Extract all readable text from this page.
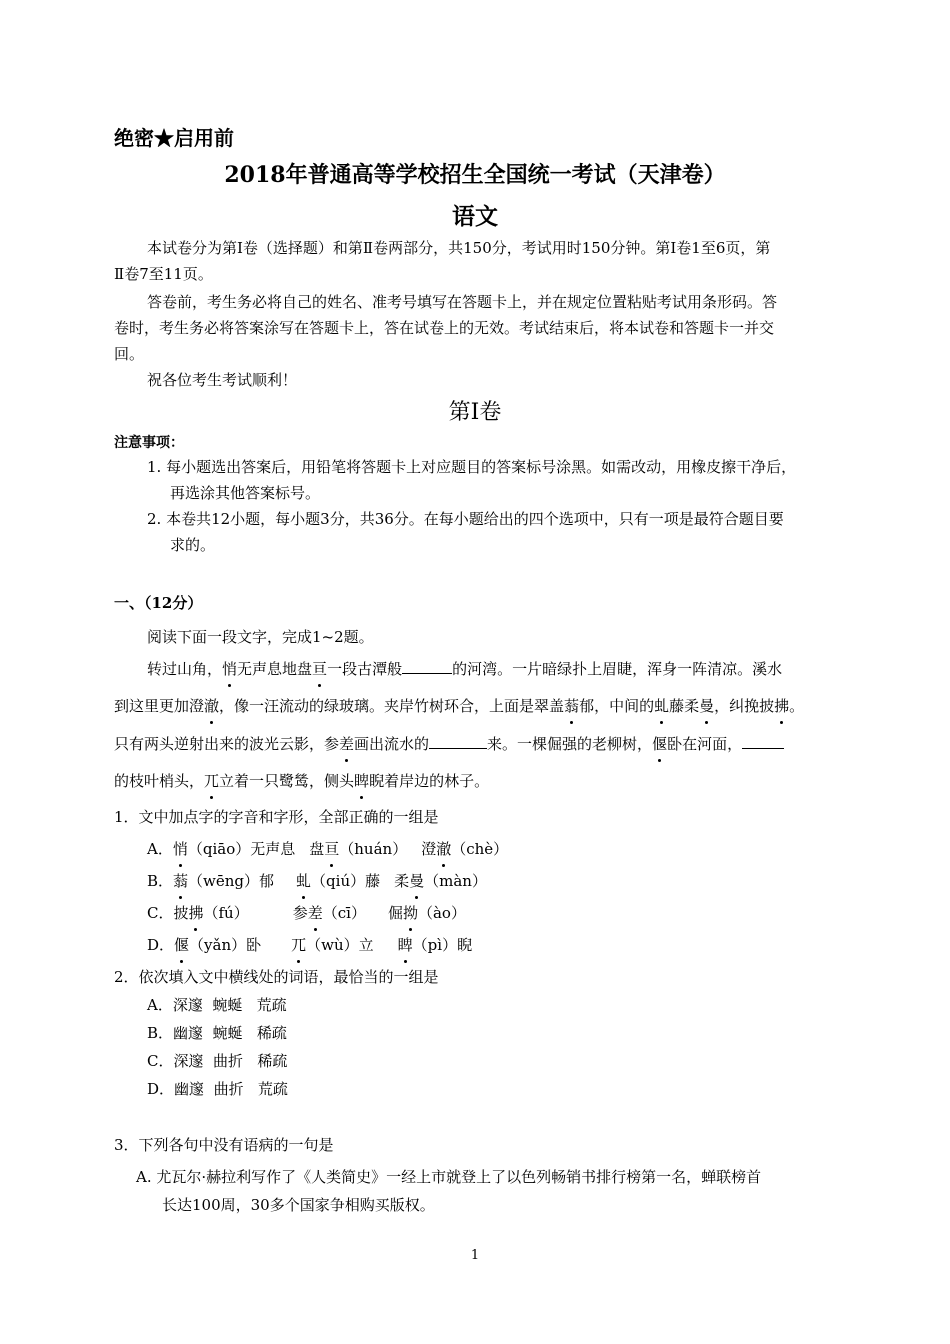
绝密★启用前
2018年普通高等学校招生全国统一考试（天津卷）
语文
本试卷分为第Ⅰ卷（选择题）和第Ⅱ卷两部分，共150分，考试用时150分钟。第Ⅰ卷1至6页，第
Ⅱ卷7至11页。
答卷前，考生务必将自己的姓名、准考号填写在答题卡上，并在规定位置粘贴考试用条形码。答
卷时，考生务必将答案涂写在答题卡上，答在试卷上的无效。考试结束后，将本试卷和答题卡一并交
回。
祝各位考生考试顺利！
第Ⅰ卷
注意事项：
1. 每小题选出答案后，用铅笔将答题卡上对应题目的答案标号涂黑。如需改动，用橡皮擦干净后，
再选涂其他答案标号。
2. 本卷共12小题，每小题3分，共36分。在每小题给出的四个选项中，只有一项是最符合题目要
求的。
一、（12分）
阅读下面一段文字，完成1~2题。
转过山角，悄无声息地盘亘一段古潭般	的河湾。一片暗绿扑上眉睫，浑身一阵清凉。溪水
到这里更加澄澈，像一汪流动的绿玻璃。夹岸竹树环合，上面是翠盖蓊郁，中间的虬藤柔曼，纠挽披拂。
只有两头逆射出来的波光云影，参差画出流水的	来。一棵倔强的老柳树，偃卧在河面，
的枝叶梢头，兀立着一只鹭鸶，侧头睥睨着岸边的林子。
1．文中加点字的字音和字形，全部正确的一组是
A．悄（qiāo）无声息 盘亘（huán） 澄澈（chè）
B．蓊（wēng）郁 虬（qiú）藤 柔曼（màn）
C．披拂（fú）	参差（cī） 倔拗（ào）
D．偃（yǎn）卧 兀（wù）立 睥（pì）睨
2．依次填入文中横线处的词语，最恰当的一组是
A．深邃  蜿蜒   荒疏
B．幽邃  蜿蜒   稀疏
C．深邃  曲折   稀疏
D．幽邃  曲折   荒疏
3．下列各句中没有语病的一句是
A. 尤瓦尔·赫拉利写作了《人类简史》一经上市就登上了以色列畅销书排行榜第一名，蝉联榜首
长达100周，30多个国家争相购买版权。
1
